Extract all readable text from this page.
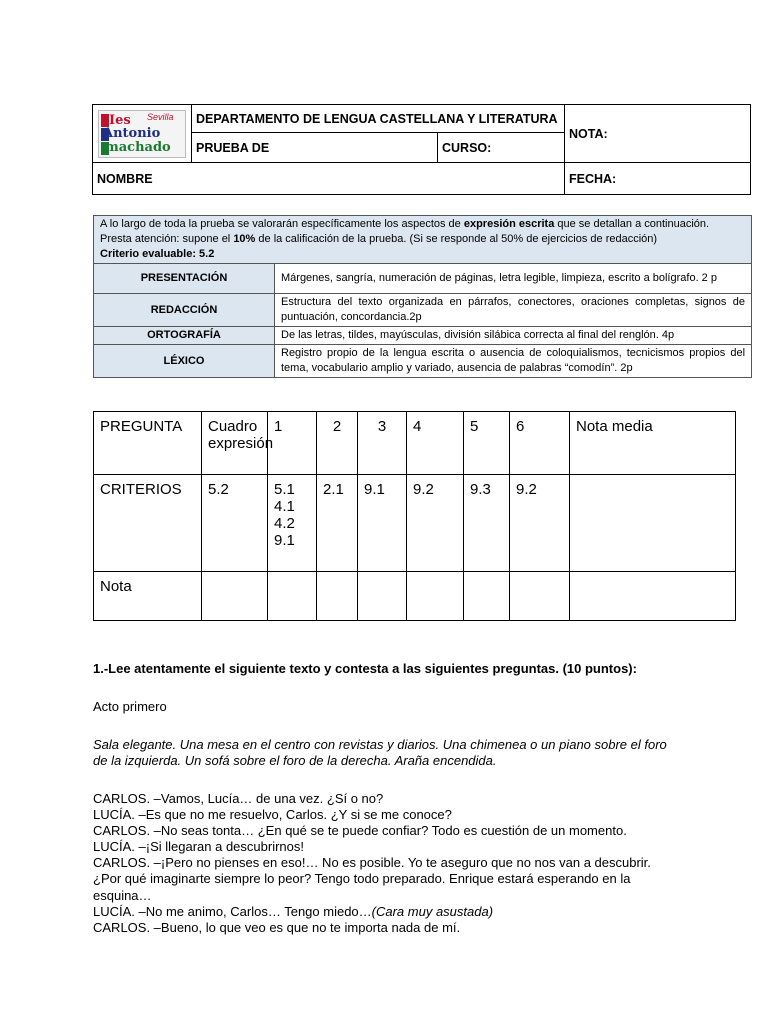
Ies Sevilla
Antonio
machado	DEPARTAMENTO DE LENGUA CASTELLANA Y LITERATURA		NOTA:
	PRUEBA DE	CURSO:	
NOMBRE			FECHA:
A lo largo de toda la prueba se valorarán específicamente los aspectos de expresión escrita que se detallan a continuación.
Presta atención: supone el 10% de la calificación de la prueba. (Si se responde al 50% de ejercicios de redacción)
Criterio evaluable: 5.2	

PRESENTACIÓN	Márgenes, sangría, numeración de páginas, letra legible, limpieza, escrito a bolígrafo. 2 p
REDACCIÓN	Estructura del texto organizada en párrafos, conectores, oraciones completas, signos de puntuación, concordancia.2p
ORTOGRAFÍA	De las letras, tildes, mayúsculas, división silábica correcta al final del renglón. 4p
LÉXICO	Registro propio de la lengua escrita o ausencia de coloquialismos, tecnicismos propios del tema, vocabulario amplio y variado, ausencia de palabras “comodín”. 2p
PREGUNTA	Cuadro expresión	1	2	3	4	5	6	Nota media
CRITERIOS	5.2	5.1 4.1 4.2 9.1	2.1	9.1	9.2	9.3	9.2	
Nota								
1.-Lee atentamente el siguiente texto y contesta a las siguientes preguntas. (10 puntos):
Acto primero
Sala elegante. Una mesa en el centro con revistas y diarios. Una chimenea o un piano sobre el foro de la izquierda. Un sofá sobre el foro de la derecha. Araña encendida.
CARLOS. –Vamos, Lucía… de una vez. ¿Sí o no?
LUCÍA. –Es que no me resuelvo, Carlos. ¿Y si se me conoce?
CARLOS. –No seas tonta… ¿En qué se te puede confiar? Todo es cuestión de un momento.
LUCÍA. –¡Si llegaran a descubrirnos!
CARLOS. –¡Pero no pienses en eso!… No es posible. Yo te aseguro que no nos van a descubrir.
¿Por qué imaginarte siempre lo peor? Tengo todo preparado. Enrique estará esperando en la
esquina…
LUCÍA. –No me animo, Carlos… Tengo miedo…(Cara muy asustada)
CARLOS. –Bueno, lo que veo es que no te importa nada de mí.
